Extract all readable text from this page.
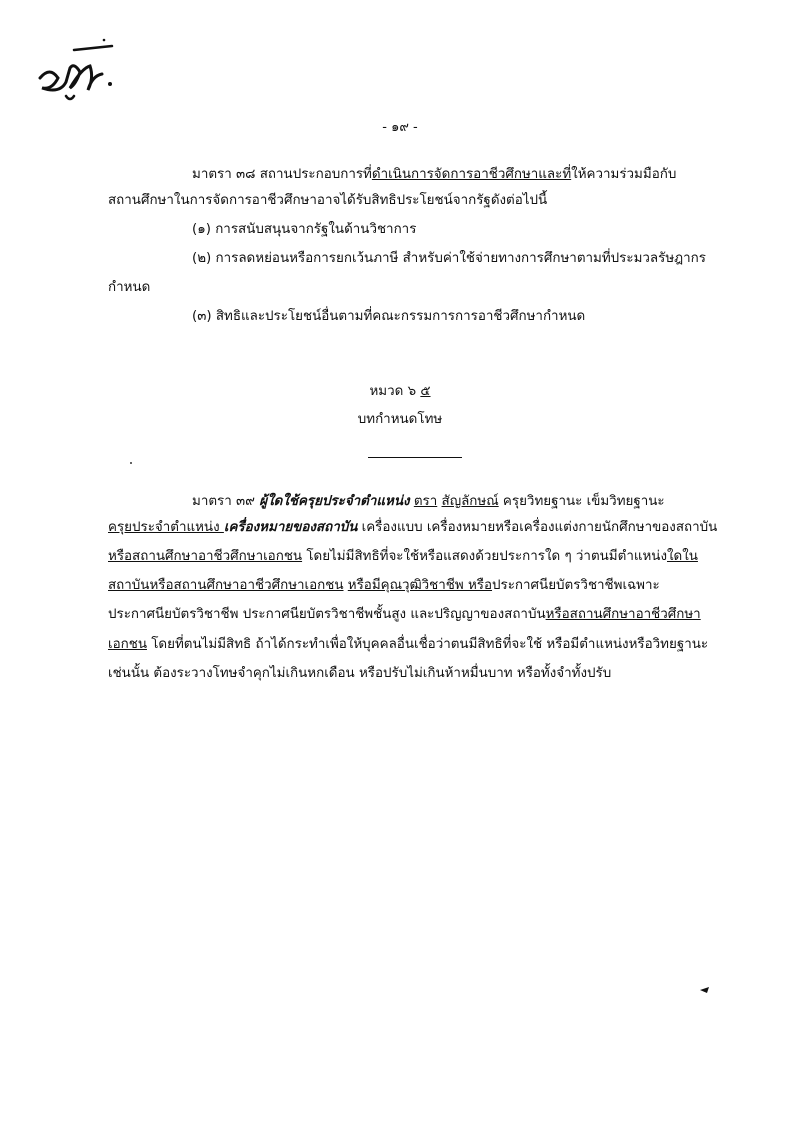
- ๑๙ -
มาตรา ๓๘ สถานประกอบการที่ดำเนินการจัดการอาชีวศึกษาและที่ให้ความร่วมมือกับ
สถานศึกษาในการจัดการอาชีวศึกษาอาจได้รับสิทธิประโยชน์จากรัฐดังต่อไปนี้
(๑) การสนับสนุนจากรัฐในด้านวิชาการ
(๒) การลดหย่อนหรือการยกเว้นภาษี สำหรับค่าใช้จ่ายทางการศึกษาตามที่ประมวลรัษฎากร
กำหนด
(๓) สิทธิและประโยชน์อื่นตามที่คณะกรรมการการอาชีวศึกษากำหนด
หมวด ๖ ๕
บทกำหนดโทษ
มาตรา ๓๙ ผู้ใดใช้ครุยประจำตำแหน่ง ตรา สัญลักษณ์ ครุยวิทยฐานะ เข็มวิทยฐานะ
ครุยประจำตำแหน่ง เครื่องหมายของสถาบัน เครื่องแบบ เครื่องหมายหรือเครื่องแต่งกายนักศึกษาของสถาบัน
หรือสถานศึกษาอาชีวศึกษาเอกชน โดยไม่มีสิทธิที่จะใช้หรือแสดงด้วยประการใด ๆ ว่าตนมีตำแหน่งใดใน
สถาบันหรือสถานศึกษาอาชีวศึกษาเอกชน หรือมีคุณวุฒิวิชาชีพ หรือประกาศนียบัตรวิชาชีพเฉพาะ
ประกาศนียบัตรวิชาชีพ ประกาศนียบัตรวิชาชีพชั้นสูง และปริญญาของสถาบันหรือสถานศึกษาอาชีวศึกษา
เอกชน โดยที่ตนไม่มีสิทธิ ถ้าได้กระทำเพื่อให้บุคคลอื่นเชื่อว่าตนมีสิทธิที่จะใช้ หรือมีตำแหน่งหรือวิทยฐานะ
เช่นนั้น ต้องระวางโทษจำคุกไม่เกินหกเดือน หรือปรับไม่เกินห้าหมื่นบาท หรือทั้งจำทั้งปรับ
